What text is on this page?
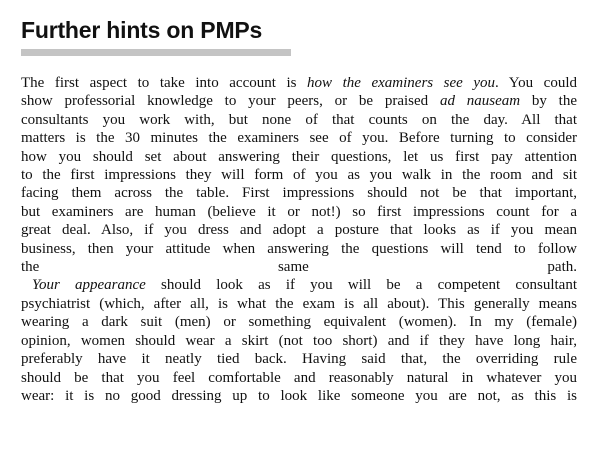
Further hints on PMPs

The first aspect to take into account is how the examiners see you. You could
show professorial knowledge to your peers, or be praised ad nauseam by the
consultants you work with, but none of that counts on the day. All that
matters is the 30 minutes the examiners see of you. Before turning to consider
how you should set about answering their questions, let us first pay attention
to the first impressions they will form of you as you walk in the room and sit
facing them across the table. First impressions should not be that important,
but examiners are human (believe it or not!) so first impressions count for a
great deal. Also, if you dress and adopt a posture that looks as if you mean
business, then your attitude when answering the questions will tend to follow
the same path.

Your appearance should look as if you will be a competent consultant
psychiatrist (which, after all, is what the exam is all about). This generally means
wearing a dark suit (men) or something equivalent (women). In my (female)
opinion, women should wear a skirt (not too short) and if they have long hair,
preferably have it neatly tied back. Having said that, the overriding rule
should be that you feel comfortable and reasonably natural in whatever you
wear: it is no good dressing up to look like someone you are not, as this is
